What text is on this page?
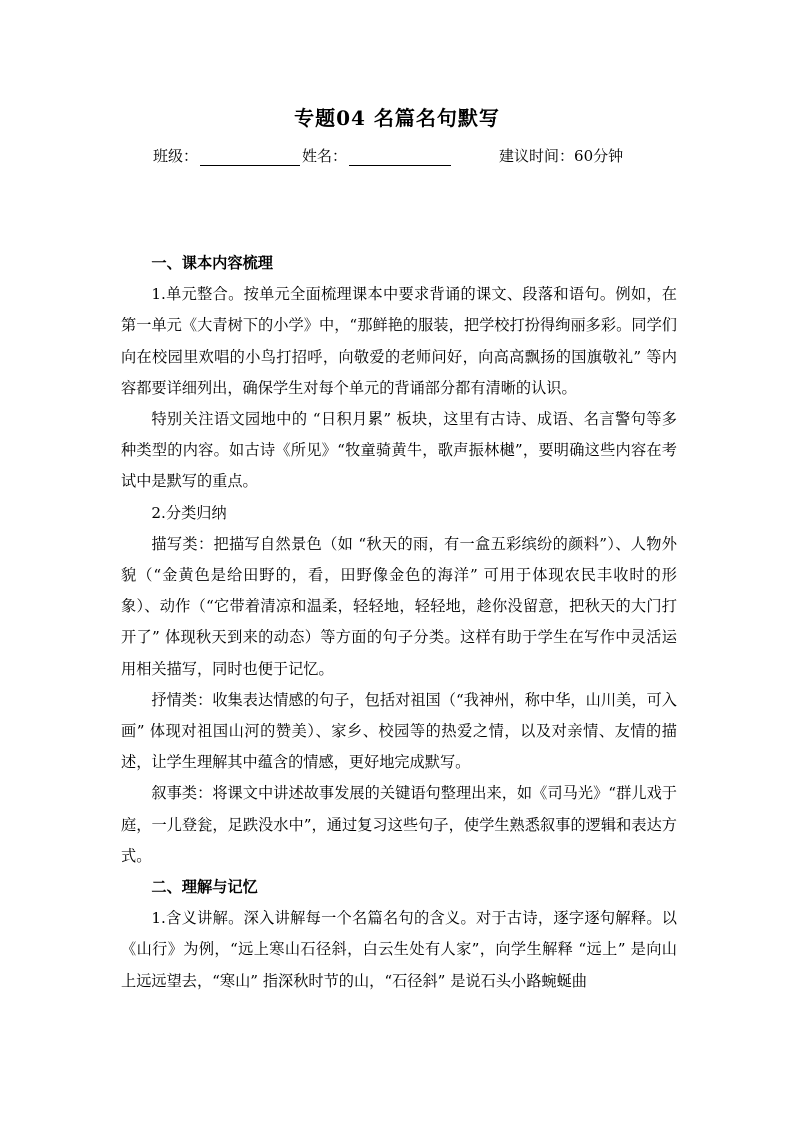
专题04 名篇名句默写
班级：	姓名：	建议时间：60分钟
一、课本内容梳理

1.单元整合。按单元全面梳理课本中要求背诵的课文、段落和语句。例如，在第一单元《大青树下的小学》中，“那鲜艳的服装，把学校打扮得绚丽多彩。同学们向在校园里欢唱的小鸟打招呼，向敬爱的老师问好，向高高飘扬的国旗敬礼” 等内容都要详细列出，确保学生对每个单元的背诵部分都有清晰的认识。

特别关注语文园地中的 “日积月累” 板块，这里有古诗、成语、名言警句等多种类型的内容。如古诗《所见》“牧童骑黄牛，歌声振林樾”，要明确这些内容在考试中是默写的重点。

2.分类归纳

描写类：把描写自然景色（如 “秋天的雨，有一盒五彩缤纷的颜料”）、人物外貌（“金黄色是给田野的，看，田野像金色的海洋” 可用于体现农民丰收时的形象）、动作（“它带着清凉和温柔，轻轻地，轻轻地，趁你没留意，把秋天的大门打开了” 体现秋天到来的动态）等方面的句子分类。这样有助于学生在写作中灵活运用相关描写，同时也便于记忆。

抒情类：收集表达情感的句子，包括对祖国（“我神州，称中华，山川美，可入画” 体现对祖国山河的赞美）、家乡、校园等的热爱之情，以及对亲情、友情的描述，让学生理解其中蕴含的情感，更好地完成默写。

叙事类：将课文中讲述故事发展的关键语句整理出来，如《司马光》“群儿戏于庭，一儿登瓮，足跌没水中”，通过复习这些句子，使学生熟悉叙事的逻辑和表达方式。

二、理解与记忆

1.含义讲解。深入讲解每一个名篇名句的含义。对于古诗，逐字逐句解释。以《山行》为例，“远上寒山石径斜，白云生处有人家”，向学生解释 “远上” 是向山上远远望去，“寒山” 指深秋时节的山，“石径斜” 是说石头小路蜿蜒曲
